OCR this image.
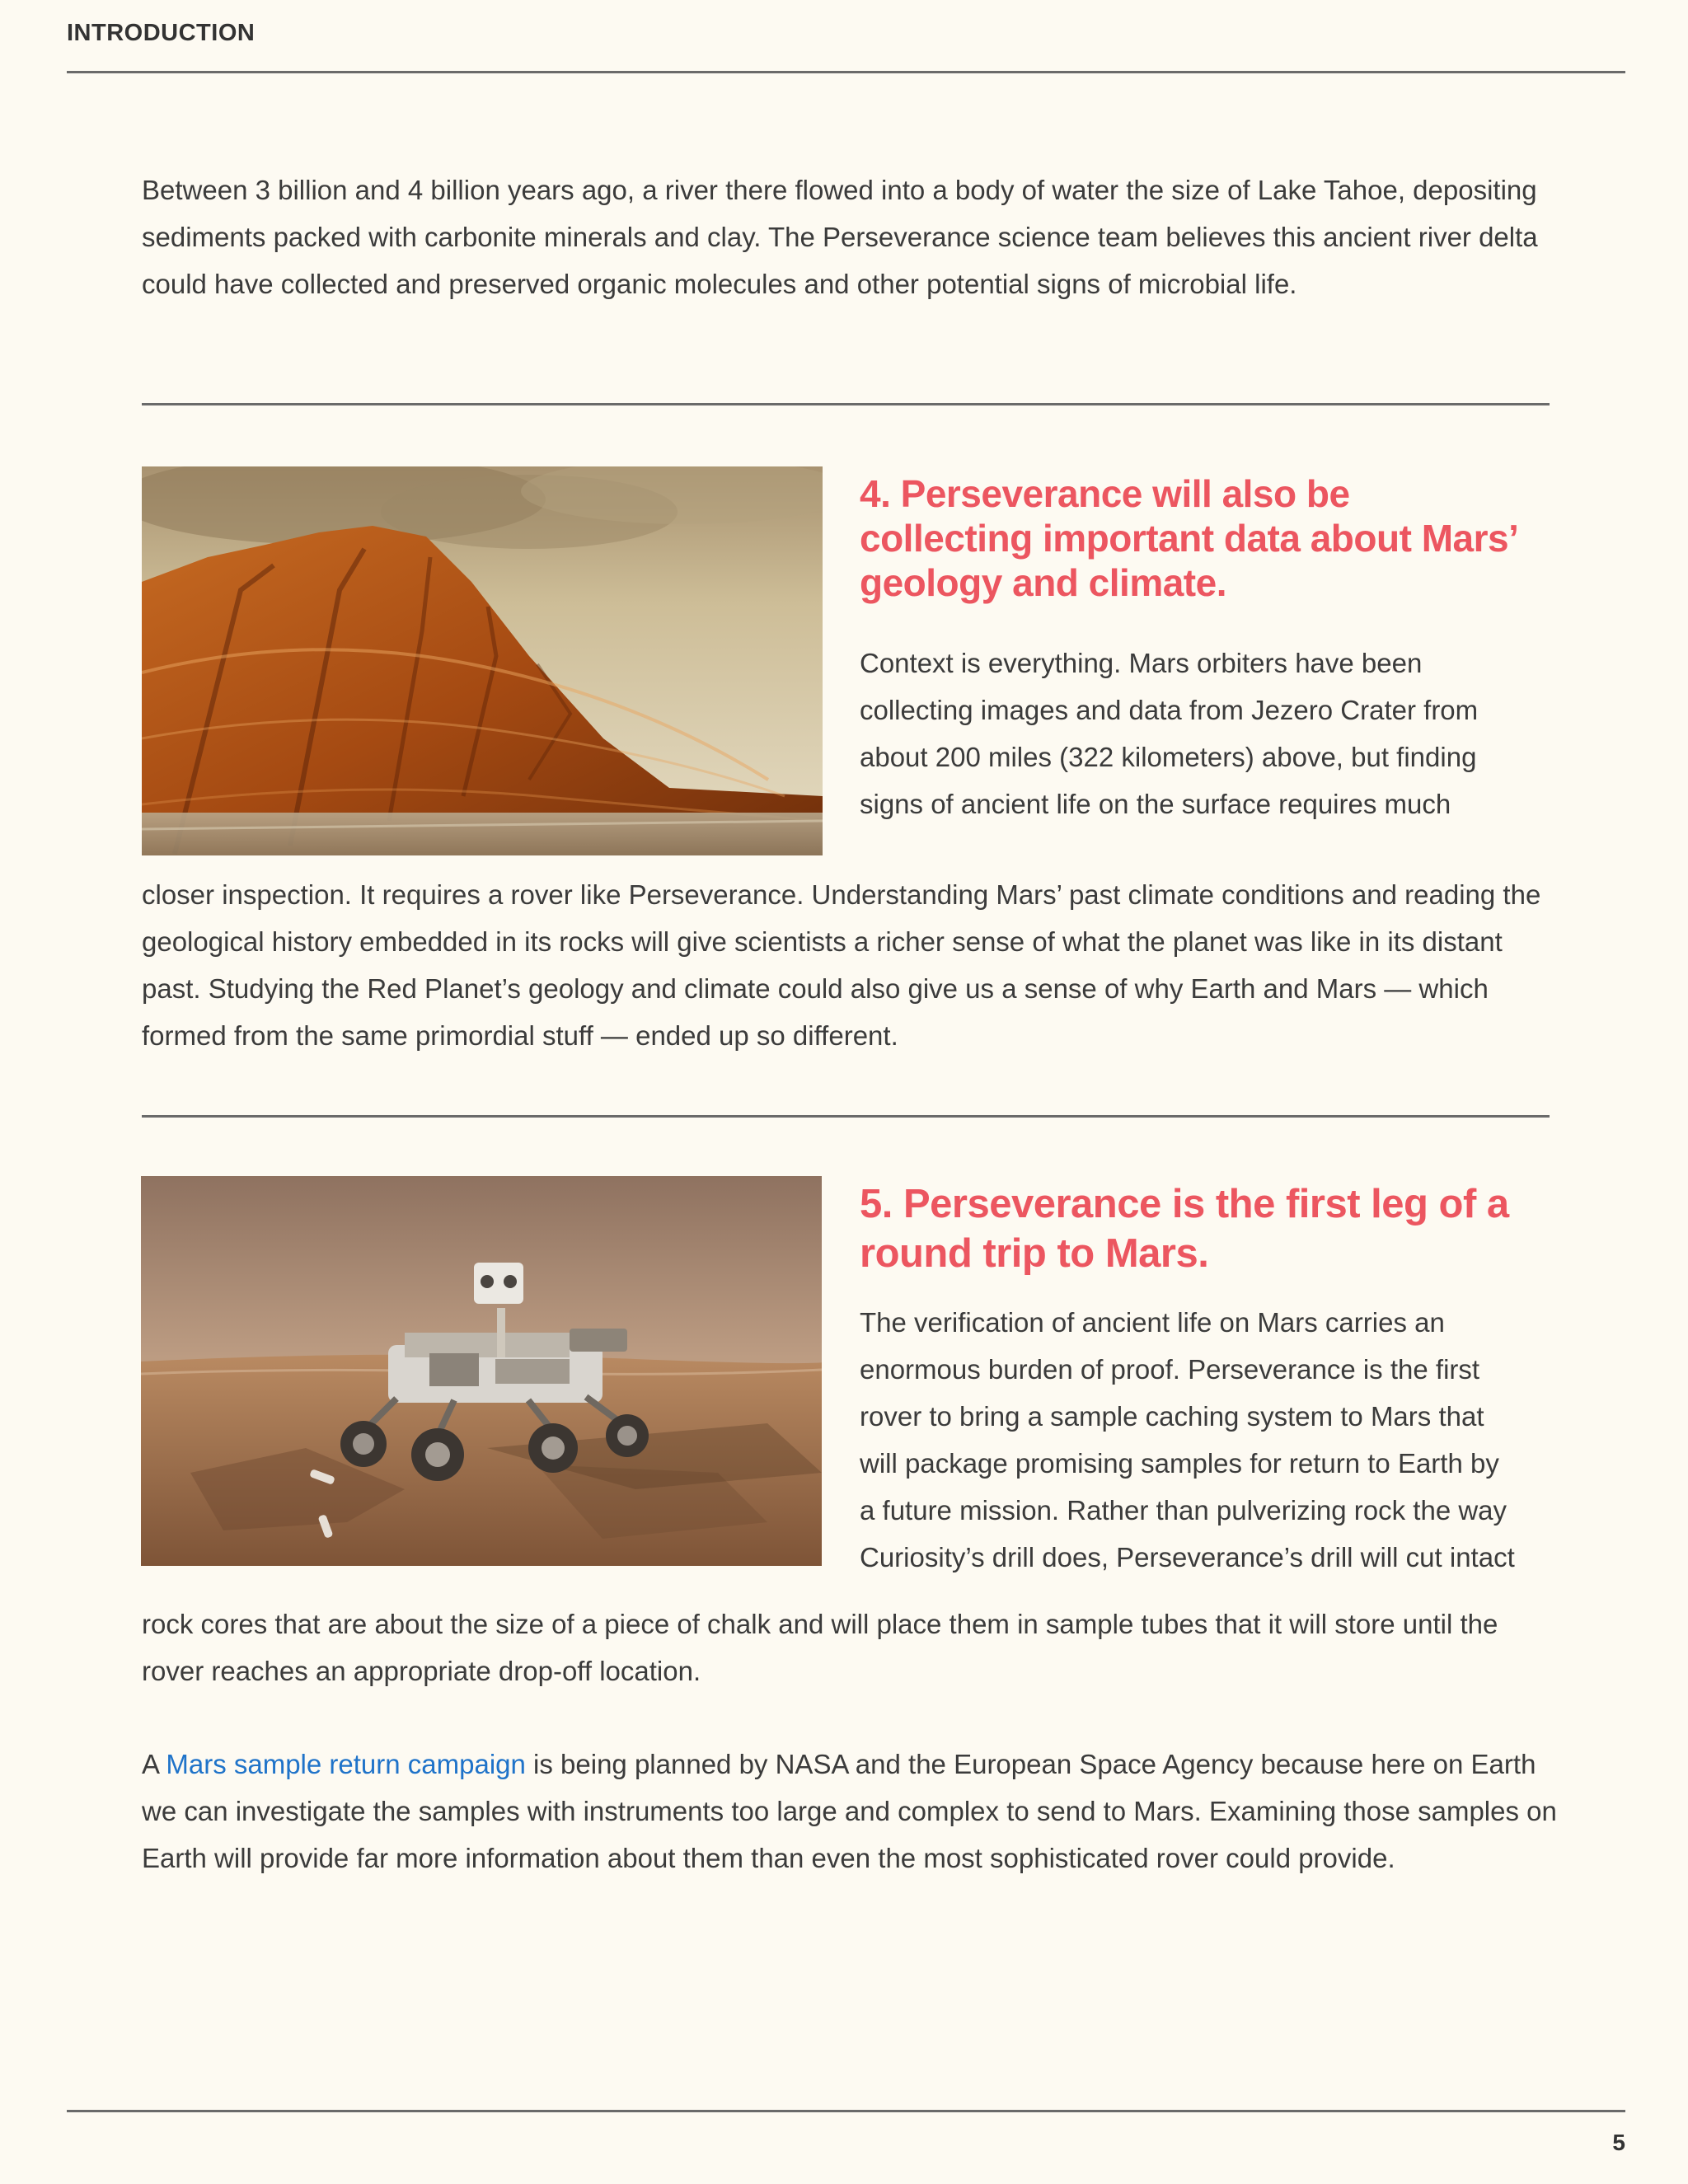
INTRODUCTION

Between 3 billion and 4 billion years ago, a river there flowed into a body of water the size of Lake Tahoe, depositing sediments packed with carbonite minerals and clay. The Perseverance science team believes this ancient river delta could have collected and preserved organic molecules and other potential signs of microbial life.

4. Perseverance will also be collecting important data about Mars’ geology and climate.

Context is everything. Mars orbiters have been collecting images and data from Jezero Crater from about 200 miles (322 kilometers) above, but finding signs of ancient life on the surface requires much

closer inspection. It requires a rover like Perseverance. Understanding Mars’ past climate conditions and reading the geological history embedded in its rocks will give scientists a richer sense of what the planet was like in its distant past. Studying the Red Planet’s geology and climate could also give us a sense of why Earth and Mars — which formed from the same primordial stuff — ended up so different.

5. Perseverance is the first leg of a round trip to Mars.

The verification of ancient life on Mars carries an enormous burden of proof. Perseverance is the first rover to bring a sample caching system to Mars that will package promising samples for return to Earth by a future mission. Rather than pulverizing rock the way Curiosity’s drill does, Perseverance’s drill will cut intact

rock cores that are about the size of a piece of chalk and will place them in sample tubes that it will store until the rover reaches an appropriate drop-off location.

A Mars sample return campaign is being planned by NASA and the European Space Agency because here on Earth we can investigate the samples with instruments too large and complex to send to Mars. Examining those samples on Earth will provide far more information about them than even the most sophisticated rover could provide.

5
